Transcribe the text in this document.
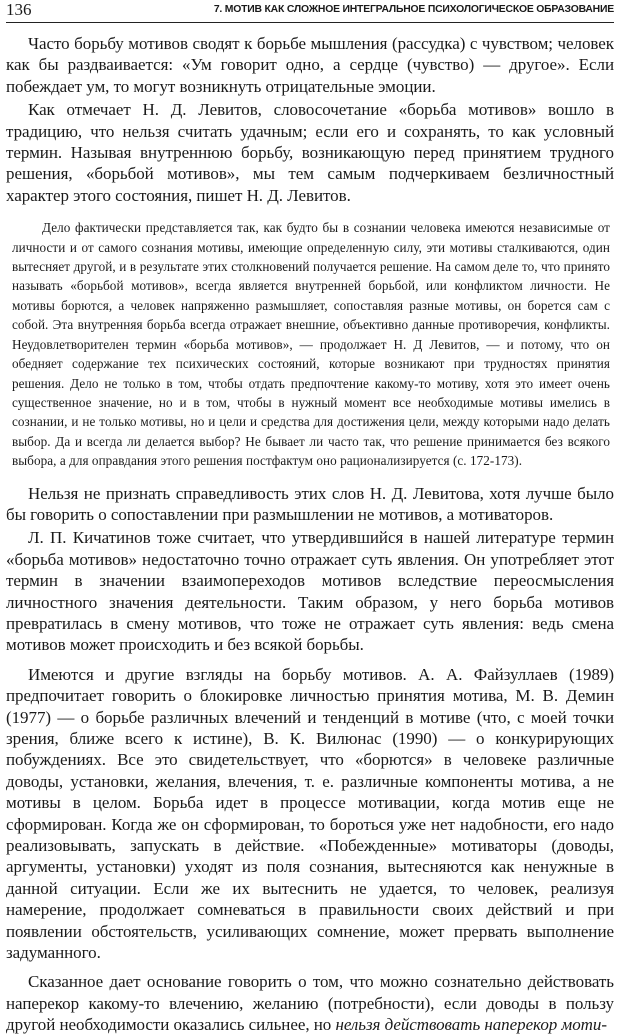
136	7. МОТИВ КАК СЛОЖНОЕ ИНТЕГРАЛЬНОЕ ПСИХОЛОГИЧЕСКОЕ ОБРАЗОВАНИЕ

Часто борьбу мотивов сводят к борьбе мышления (рассудка) с чувством; человек как бы раздваивается: «Ум говорит одно, а сердце (чувство) — другое». Если побеждает ум, то могут возникнуть отрицательные эмоции.

Как отмечает Н. Д. Левитов, словосочетание «борьба мотивов» вошло в традицию, что нельзя считать удачным; если его и сохранять, то как условный термин. Называя внутреннюю борьбу, возникающую перед принятием трудного решения, «борьбой мотивов», мы тем самым подчеркиваем безличностный характер этого состояния, пишет Н. Д. Левитов.

Дело фактически представляется так, как будто бы в сознании человека имеются независимые от личности и от самого сознания мотивы, имеющие определенную силу, эти мотивы сталкиваются, один вытесняет другой, и в результате этих столкновений получается решение. На самом деле то, что принято называть «борьбой мотивов», всегда является внутренней борьбой, или конфликтом личности. Не мотивы борются, а человек напряженно размышляет, сопоставляя разные мотивы, он борется сам с собой. Эта внутренняя борьба всегда отражает внешние, объективно данные противоречия, конфликты. Неудовлетворителен термин «борьба мотивов», — продолжает Н. Д Левитов, — и потому, что он обедняет содержание тех психических состояний, которые возникают при трудностях принятия решения. Дело не только в том, чтобы отдать предпочтение какому-то мотиву, хотя это имеет очень существенное значение, но и в том, чтобы в нужный момент все необходимые мотивы имелись в сознании, и не только мотивы, но и цели и средства для достижения цели, между которыми надо делать выбор. Да и всегда ли делается выбор? Не бывает ли часто так, что решение принимается без всякого выбора, а для оправдания этого решения постфактум оно рационализируется (с. 172-173).

Нельзя не признать справедливость этих слов Н. Д. Левитова, хотя лучше было бы говорить о сопоставлении при размышлении не мотивов, а мотиваторов.

Л. П. Кичатинов тоже считает, что утвердившийся в нашей литературе термин «борьба мотивов» недостаточно точно отражает суть явления. Он употребляет этот термин в значении взаимопереходов мотивов вследствие переосмысления личностного значения деятельности. Таким образом, у него борьба мотивов превратилась в смену мотивов, что тоже не отражает суть явления: ведь смена мотивов может происходить и без всякой борьбы.

Имеются и другие взгляды на борьбу мотивов. А. А. Файзуллаев (1989) предпочитает говорить о блокировке личностью принятия мотива, М. В. Демин (1977) — о борьбе различных влечений и тенденций в мотиве (что, с моей точки зрения, ближе всего к истине), В. К. Вилюнас (1990) — о конкурирующих побуждениях. Все это свидетельствует, что «борются» в человеке различные доводы, установки, желания, влечения, т. е. различные компоненты мотива, а не мотивы в целом. Борьба идет в процессе мотивации, когда мотив еще не сформирован. Когда же он сформирован, то бороться уже нет надобности, его надо реализовывать, запускать в действие. «Побежденные» мотиваторы (доводы, аргументы, установки) уходят из поля сознания, вытесняются как ненужные в данной ситуации. Если же их вытеснить не удается, то человек, реализуя намерение, продолжает сомневаться в правильности своих действий и при появлении обстоятельств, усиливающих сомнение, может прервать выполнение задуманного.

Сказанное дает основание говорить о том, что можно сознательно действовать наперекор какому-то влечению, желанию (потребности), если доводы в пользу другой необходимости оказались сильнее, но нельзя действовать наперекор моти-
